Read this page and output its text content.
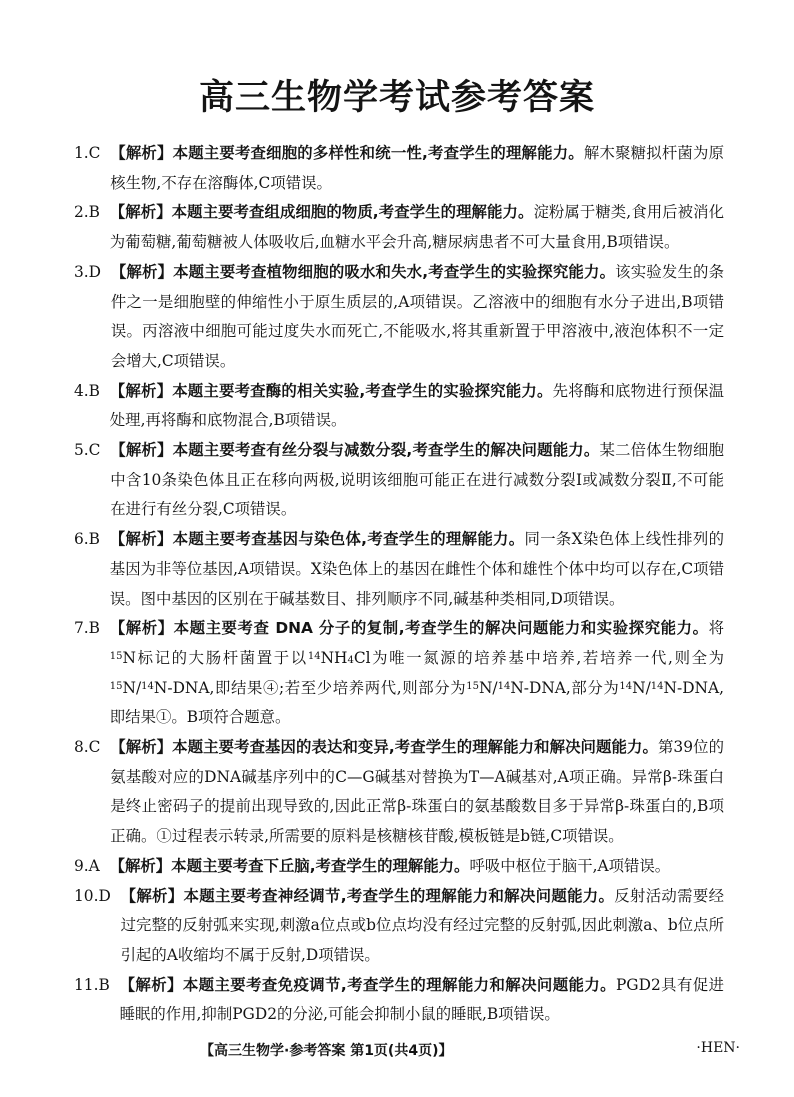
高三生物学考试参考答案
1.C 【解析】本题主要考查细胞的多样性和统一性,考查学生的理解能力。解木聚糖拟杆菌为原核生物,不存在溶酶体,C项错误。
2.B 【解析】本题主要考查组成细胞的物质,考查学生的理解能力。淀粉属于糖类,食用后被消化为葡萄糖,葡萄糖被人体吸收后,血糖水平会升高,糖尿病患者不可大量食用,B项错误。
3.D 【解析】本题主要考查植物细胞的吸水和失水,考查学生的实验探究能力。该实验发生的条件之一是细胞壁的伸缩性小于原生质层的,A项错误。乙溶液中的细胞有水分子进出,B项错误。丙溶液中细胞可能过度失水而死亡,不能吸水,将其重新置于甲溶液中,液泡体积不一定会增大,C项错误。
4.B 【解析】本题主要考查酶的相关实验,考查学生的实验探究能力。先将酶和底物进行预保温处理,再将酶和底物混合,B项错误。
5.C 【解析】本题主要考查有丝分裂与减数分裂,考查学生的解决问题能力。某二倍体生物细胞中含10条染色体且正在移向两极,说明该细胞可能正在进行减数分裂Ⅰ或减数分裂Ⅱ,不可能在进行有丝分裂,C项错误。
6.B 【解析】本题主要考查基因与染色体,考查学生的理解能力。同一条X染色体上线性排列的基因为非等位基因,A项错误。X染色体上的基因在雌性个体和雄性个体中均可以存在,C项错误。图中基因的区别在于碱基数目、排列顺序不同,碱基种类相同,D项错误。
7.B 【解析】本题主要考查 DNA 分子的复制,考查学生的解决问题能力和实验探究能力。将$^{15}$N标记的大肠杆菌置于以$^{14}NH_4Cl$为唯一氮源的培养基中培养,若培养一代,则全为$^{15}$N/$^{14}$N-DNA,即结果④;若至少培养两代,则部分为$^{15}$N/$^{14}$N-DNA,部分为$^{14}$N/$^{14}$N-DNA,即结果①。B项符合题意。
8.C 【解析】本题主要考查基因的表达和变异,考查学生的理解能力和解决问题能力。第39位的氨基酸对应的DNA碱基序列中的C—G碱基对替换为T—A碱基对,A项正确。异常β-珠蛋白是终止密码子的提前出现导致的,因此正常β-珠蛋白的氨基酸数目多于异常β-珠蛋白的,B项正确。①过程表示转录,所需要的原料是核糖核苷酸,模板链是b链,C项错误。
9.A 【解析】本题主要考查下丘脑,考查学生的理解能力。呼吸中枢位于脑干,A项错误。
10.D 【解析】本题主要考查神经调节,考查学生的理解能力和解决问题能力。反射活动需要经过完整的反射弧来实现,刺激a位点或b位点均没有经过完整的反射弧,因此刺激a、b位点所引起的A收缩均不属于反射,D项错误。
11.B 【解析】本题主要考查免疫调节,考查学生的理解能力和解决问题能力。PGD2具有促进睡眠的作用,抑制PGD2的分泌,可能会抑制小鼠的睡眠,B项错误。
【高三生物学·参考答案 第1页(共4页)】	·HEN·
